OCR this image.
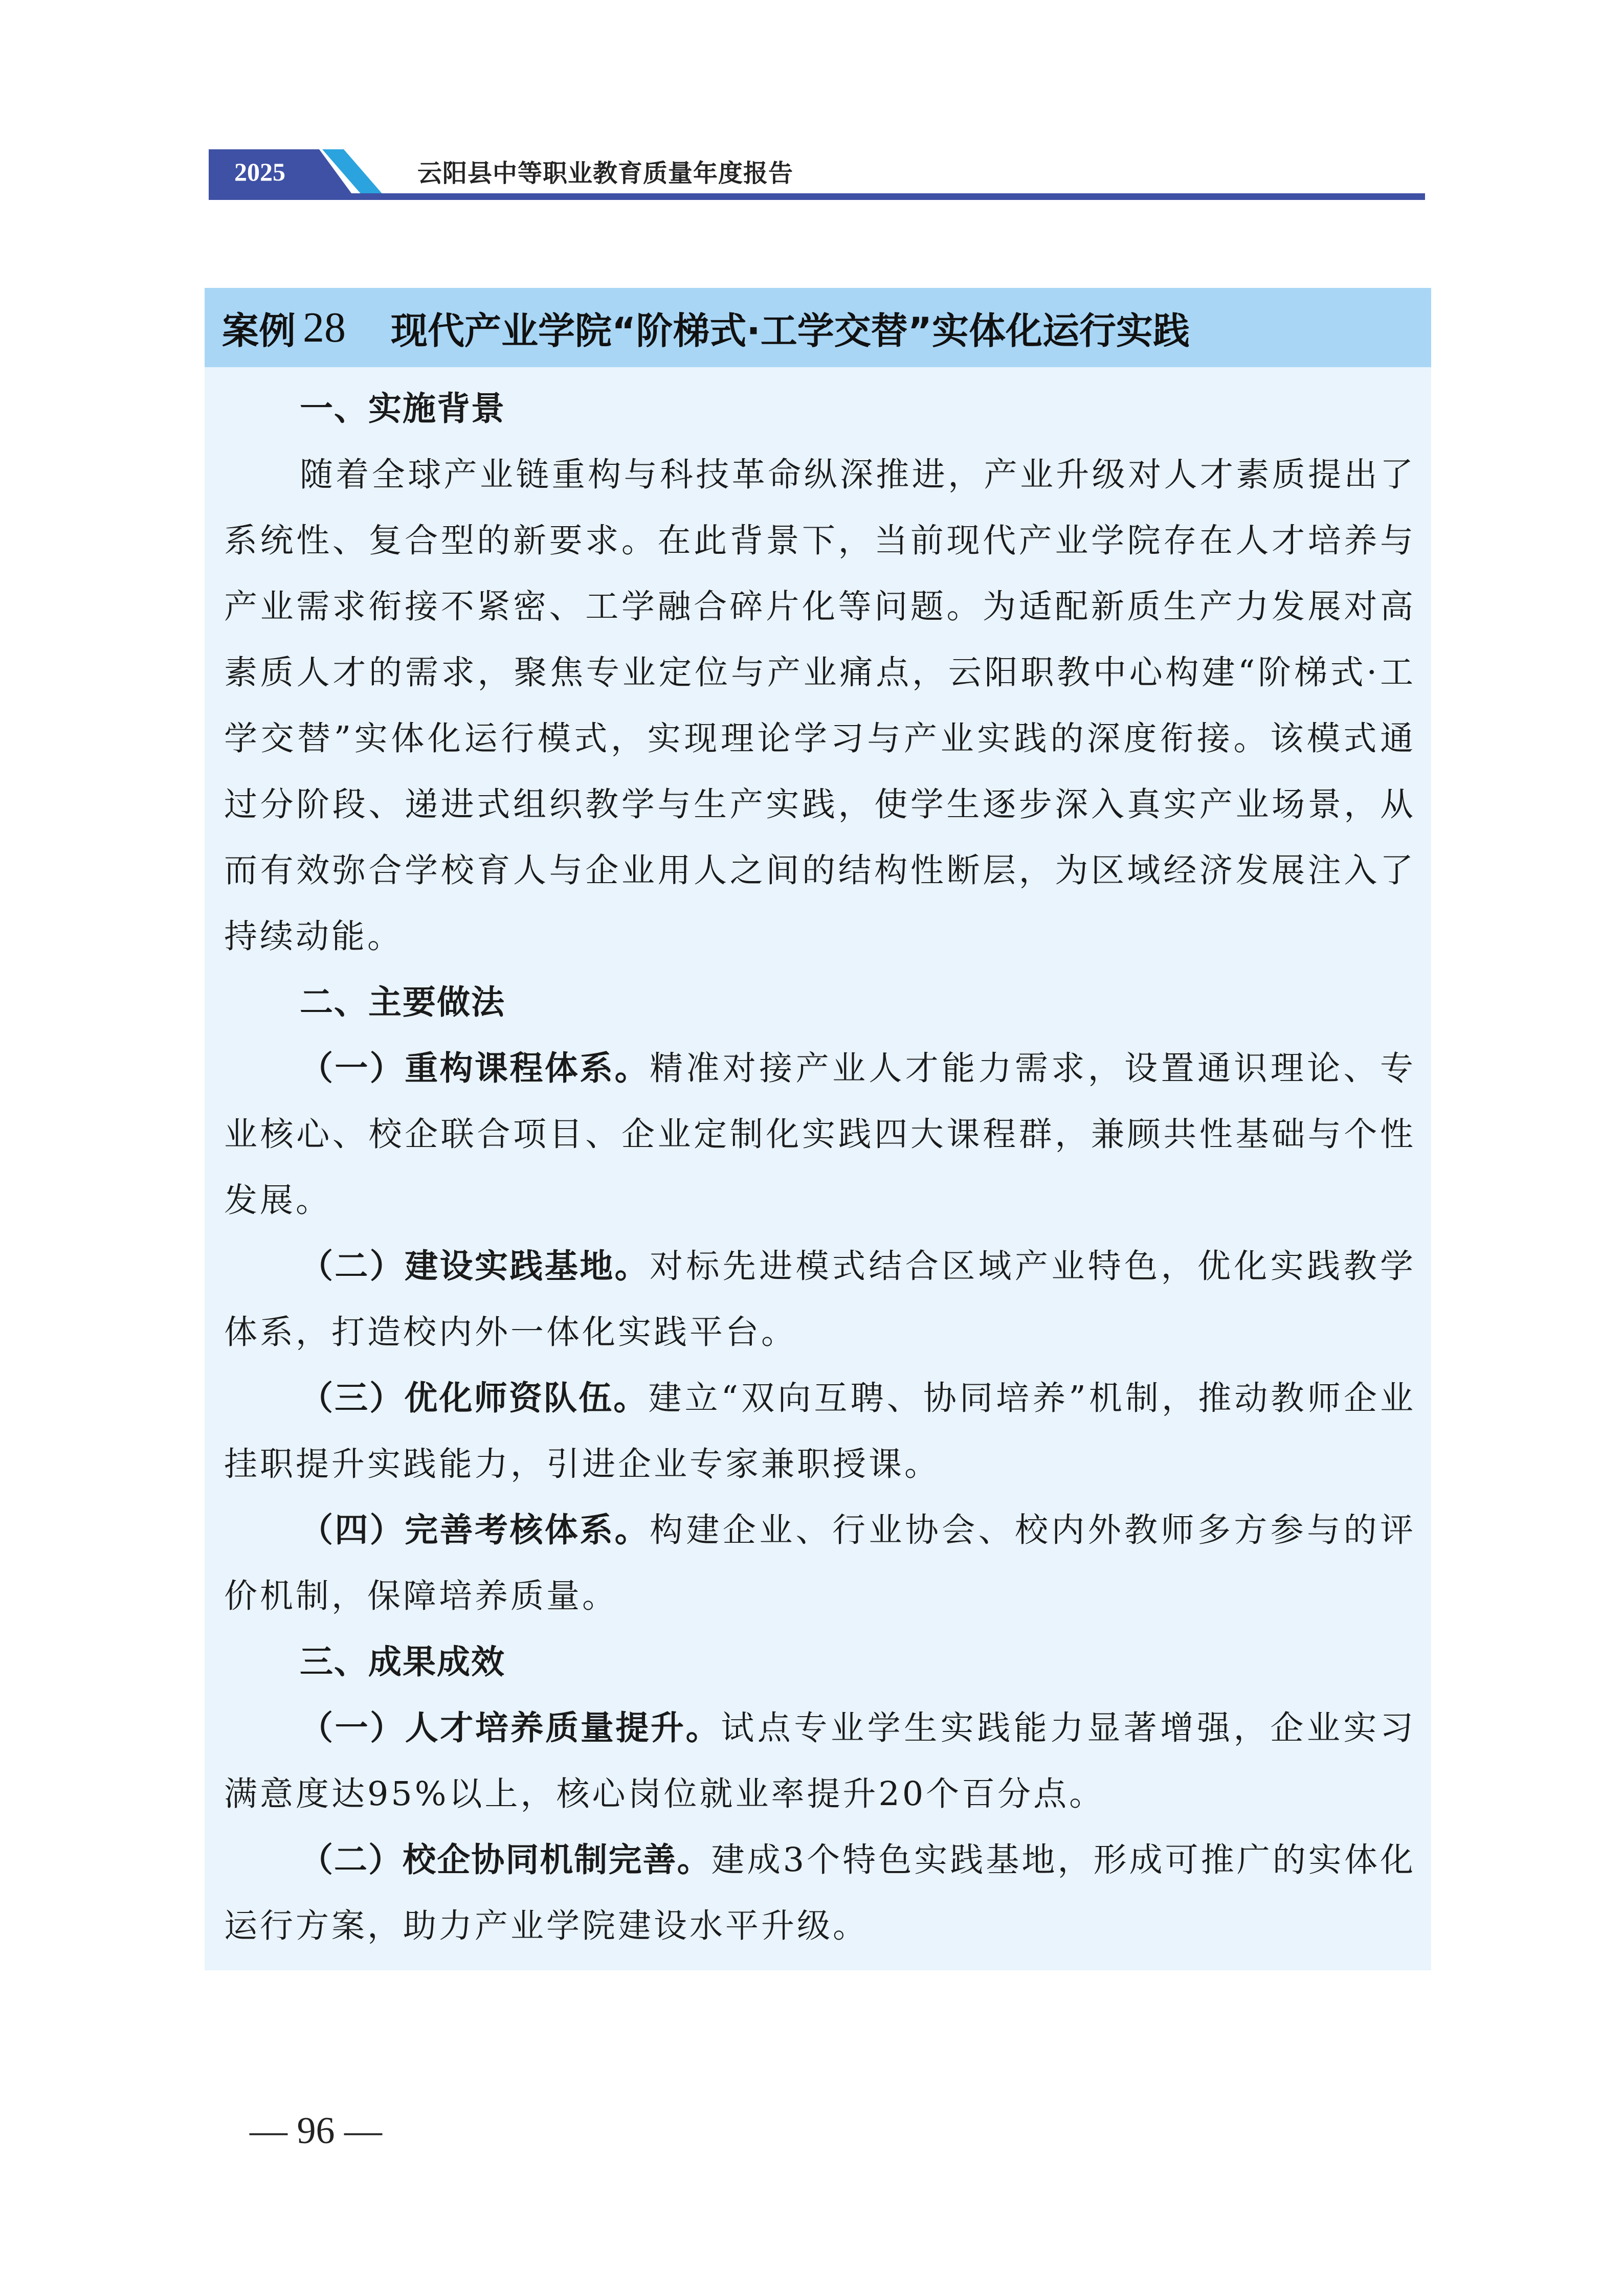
2025	云阳县中等职业教育质量年度报告
案例 28 现代产业学院“阶梯式·工学交替”实体化运行实践

一、实施背景

随着全球产业链重构与科技革命纵深推进，产业升级对人才素质提出了系统性、复合型的新要求。在此背景下，当前现代产业学院存在人才培养与产业需求衔接不紧密、工学融合碎片化等问题。为适配新质生产力发展对高素质人才的需求，聚焦专业定位与产业痛点，云阳职教中心构建“阶梯式·工学交替”实体化运行模式，实现理论学习与产业实践的深度衔接。该模式通过分阶段、递进式组织教学与生产实践，使学生逐步深入真实产业场景，从而有效弥合学校育人与企业用人之间的结构性断层，为区域经济发展注入了持续动能。

二、主要做法

（一）重构课程体系。精准对接产业人才能力需求，设置通识理论、专业核心、校企联合项目、企业定制化实践四大课程群，兼顾共性基础与个性发展。

（二）建设实践基地。对标先进模式结合区域产业特色，优化实践教学体系，打造校内外一体化实践平台。

（三）优化师资队伍。建立“双向互聘、协同培养”机制，推动教师企业挂职提升实践能力，引进企业专家兼职授课。

（四）完善考核体系。构建企业、行业协会、校内外教师多方参与的评价机制，保障培养质量。

三、成果成效

（一）人才培养质量提升。试点专业学生实践能力显著增强，企业实习满意度达95%以上，核心岗位就业率提升20个百分点。

（二）校企协同机制完善。建成3个特色实践基地，形成可推广的实体化运行方案，助力产业学院建设水平升级。

— 96 —
